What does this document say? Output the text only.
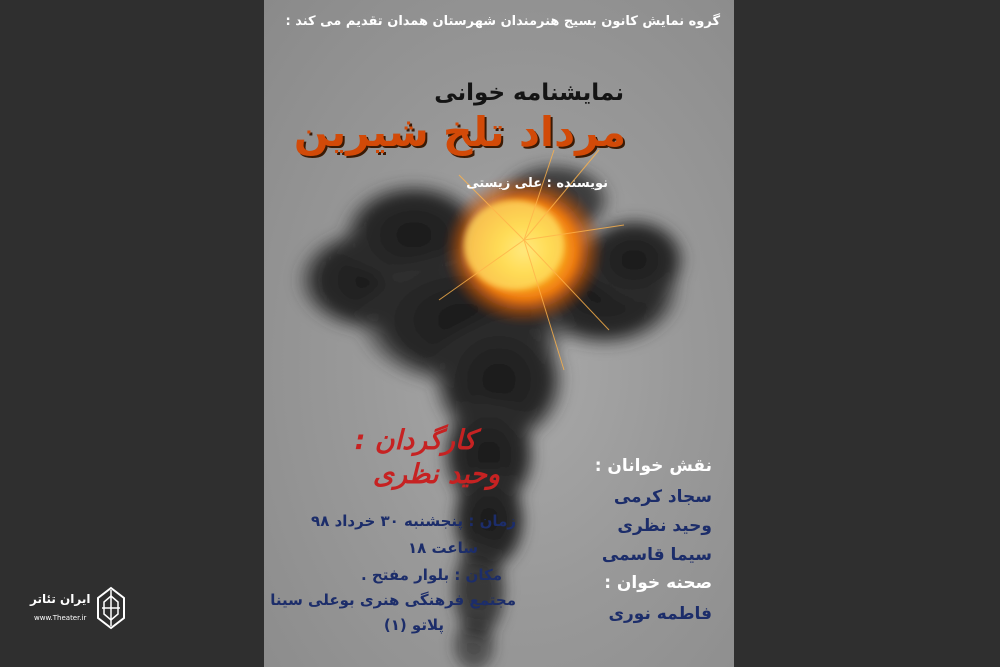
گروه نمایش کانون بسیج هنرمندان شهرستان همدان تقدیم می کند :
نمایشنامه خوانی
مرداد تلخ شیرین
نویسنده : علی زیستی
کارگردان :
وحید نظری
زمان : پنجشنبه ۳۰ خرداد ۹۸
ساعت ۱۸
مکان : بلوار مفتح .
مجتمع فرهنگی هنری بوعلی سینا
پلاتو (۱)
نقش خوانان :
سجاد کرمی
وحید نظری
سیما قاسمی
صحنه خوان :
فاطمه نوری
ایران تئاتر
www.Theater.ir
